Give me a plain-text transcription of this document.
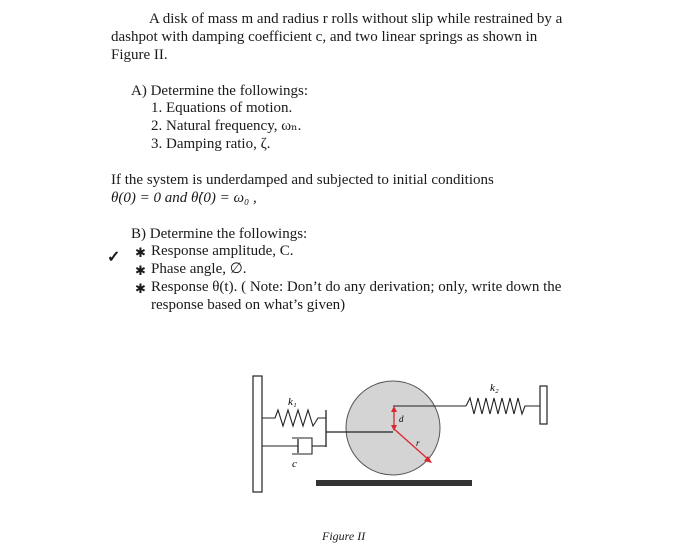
A disk of mass m and radius r rolls without slip while restrained by a
dashpot with damping coefficient c, and two linear springs as shown in
Figure II.
A) Determine the followings:
1. Equations of motion.
2. Natural frequency, ωₙ.
3. Damping ratio, ζ.
If the system is underdamped and subjected to initial conditions
θ(0) = 0 and θ̇(0) = ω₀ ,
B) Determine the followings:
✓ ✱ Response amplitude, C.
✱ Phase angle, ∅.
✱ Response θ(t). ( Note: Don’t do any derivation; only, write down the
response based on what’s given)
k₁
k₂
c
d
r
Figure II
